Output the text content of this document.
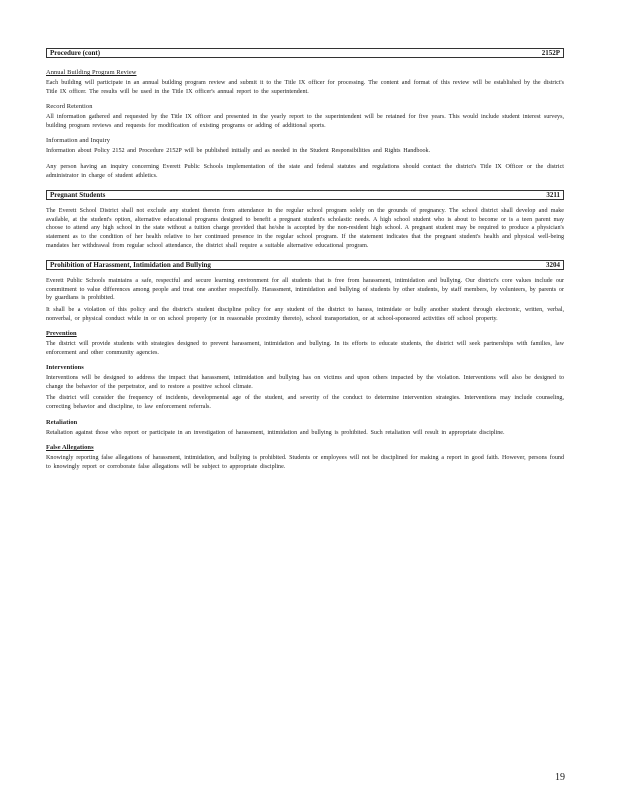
Procedure (cont)	2152P
Annual Building Program Review

Each building will participate in an annual building program review and submit it to the Title IX officer for processing. The content and format of this review will be established by the district's Title IX officer. The results will be used in the Title IX officer's annual report to the superintendent.

Record Retention

All information gathered and requested by the Title IX officer and presented in the yearly report to the superintendent will be retained for five years. This would include student interest surveys, building program reviews and requests for modification of existing programs or adding of additional sports.

Information and Inquiry

Information about Policy 2152 and Procedure 2152P will be published initially and as needed in the Student Responsibilities and Rights Handbook.

Any person having an inquiry concerning Everett Public Schools implementation of the state and federal statutes and regulations should contact the district's Title IX Officer or the district administrator in charge of student athletics.

Pregnant Students	3211

The Everett School District shall not exclude any student therein from attendance in the regular school program solely on the grounds of pregnancy. The school district shall develop and make available, at the student's option, alternative educational programs designed to benefit a pregnant student's scholastic needs. A high school student who is about to become or is a teen parent may choose to attend any high school in the state without a tuition charge provided that he/she is accepted by the non-resident high school. A pregnant student may be required to produce a physician's statement as to the condition of her health relative to her continued presence in the regular school program. If the statement indicates that the pregnant student's health and physical well-being mandates her withdrawal from regular school attendance, the district shall require a suitable alternative educational program.

Prohibition of Harassment, Intimidation and Bullying	3204

Everett Public Schools maintains a safe, respectful and secure learning environment for all students that is free from harassment, intimidation and bullying. Our district's core values include our commitment to value differences among people and treat one another respectfully. Harassment, intimidation and bullying of students by other students, by staff members, by volunteers, by parents or by guardians is prohibited.

It shall be a violation of this policy and the district's student discipline policy for any student of the district to harass, intimidate or bully another student through electronic, written, verbal, nonverbal, or physical conduct while in or on school property (or in reasonable proximity thereto), school transportation, or at school-sponsored activities off school property.

Prevention

The district will provide students with strategies designed to prevent harassment, intimidation and bullying. In its efforts to educate students, the district will seek partnerships with families, law enforcement and other community agencies.

Interventions

Interventions will be designed to address the impact that harassment, intimidation and bullying has on victims and upon others impacted by the violation. Interventions will also be designed to change the behavior of the perpetrator, and to restore a positive school climate.

The district will consider the frequency of incidents, developmental age of the student, and severity of the conduct to determine intervention strategies. Interventions may include counseling, correcting behavior and discipline, to law enforcement referrals.

Retaliation

Retaliation against those who report or participate in an investigation of harassment, intimidation and bullying is prohibited. Such retaliation will result in appropriate discipline.

False Allegations

Knowingly reporting false allegations of harassment, intimidation, and bullying is prohibited. Students or employees will not be disciplined for making a report in good faith. However, persons found to knowingly report or corroborate false allegations will be subject to appropriate discipline.

19
